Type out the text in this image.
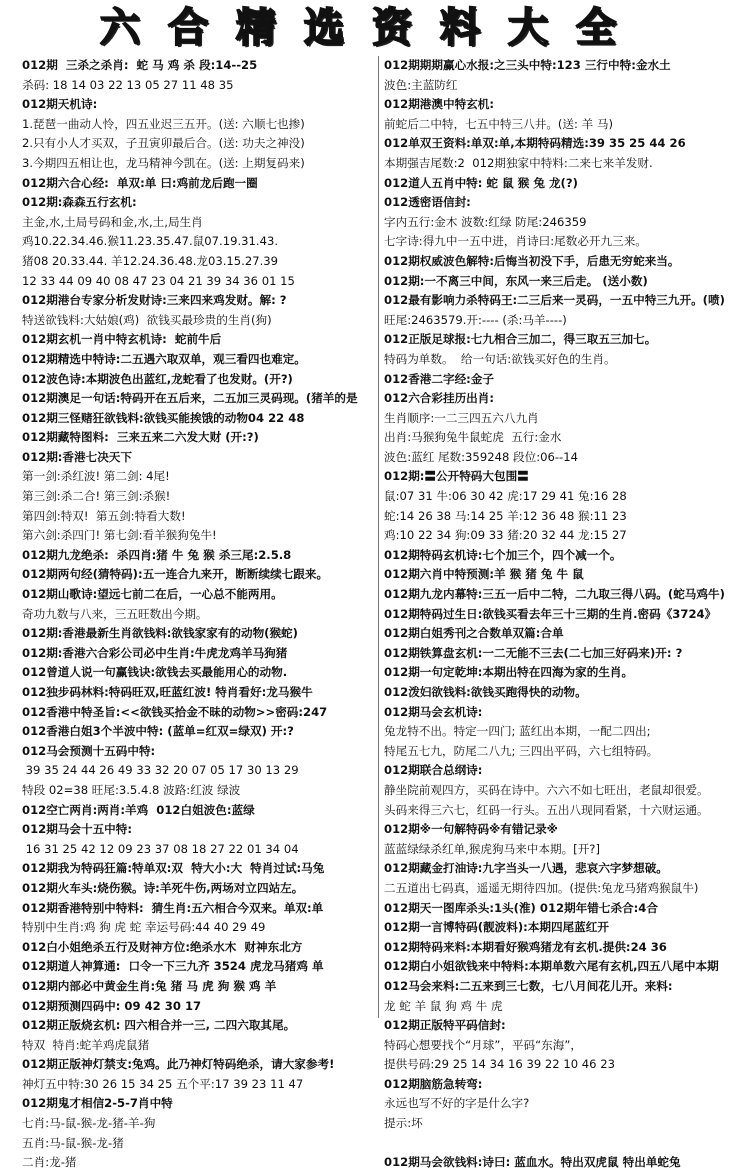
六合精选资料大全
012期  三杀之杀肖:  蛇 马 鸡 杀 段:14--25
杀码: 18 14 03 22 13 05 27 11 48 35
012期天机诗:
1.琵琶一曲动人怜，四五业迟三五开。(送: 六顺七也掺)
2.只有小人才买双，子丑寅卯最后合。(送: 功夫之神没)
3.今期四五相让也，龙马精神今凯在。(送: 上期复码来)
012期六合心经:  单双:单 曰:鸡前龙后跑一圈
012期:森森五行玄机:
主金,水,土局号码和金,水,土,局生肖
鸡10.22.34.46.猴11.23.35.47.鼠07.19.31.43.
猪08 20.33.44. 羊12.24.36.48.龙03.15.27.39
12 33 44 09 40 08 47 23 04 21 39 34 36 01 15
012期港台专家分析发财诗:三来四来鸡发财。解: ?
特送欲钱料:大姑娘(鸡)  欲钱买最珍贵的生肖(狗)
012期玄机一肖中特玄机诗:  蛇前牛后
012期精选中特诗:二五遇六取双单，观三看四也难定。
012波色诗:本期波色出蓝红,龙蛇看了也发财。(开?)
012期澳足一句话:特码开在五后来，二五加三灵码现。(猪羊的是
012期三怪赌狂欲钱料:欲钱买能挨饿的动物04 22 48
012期藏特图料:  三来五来二六发大财 (开:?)
012期:香港七决天下
第一剑:杀红波! 第二剑: 4尾!
第三剑:杀二合! 第三剑:杀猴!
第四剑:特双!  第五剑:特看大数!
第六剑:杀四门! 第七剑:看羊猴狗兔牛!
012期九龙绝杀:  杀四肖:猪 牛 兔 猴 杀三尾:2.5.8
012期两句经(猜特码):五一连合九来开，断断续续七跟来。
012期山歌诗:望远七前二在后，一心总不能两用。
奇功九数与八来，三五旺数出今期。
012期:香港最新生肖欲钱料:欲钱家家有的动物(猴蛇)
012期:香港六合彩公司必中生肖:牛虎龙鸡羊马狗猪
012曾道人说一句赢钱诀:欲钱去买最能用心的动物.
012独步码林料:特码旺双,旺蓝红波! 特肖看好:龙马猴牛
012香港中特圣旨:<<欲钱买拾金不昧的动物>>密码:247
012香港白姐3个半波中特: (蓝单=红双=绿双) 开:?
012马会预测十五码中特:
39 35 24 44 26 49 33 32 20 07 05 17 30 13 29
特段 02=38 旺尾:3.5.4.8 波路:红波 绿波
012空亡两肖:两肖:羊鸡  012白姐波色:蓝绿
012期马会十五中特:
16 31 25 42 12 09 23 37 08 18 27 22 01 34 04
012期我为特码狂篇:特单双:双  特大小:大  特肖过试:马兔
012期火车头:烧伤猴。诗:羊死牛伤,两场对立四站左。
012期香港特别中特料:  猜生肖:五六相合今双来。单双:单
特别中生肖:鸡 狗 虎 蛇 幸运号码:44 40 29 49
012白小姐绝杀五行及财神方位:绝杀水木  财神东北方
012期道人神算通:  口令一下三九齐 3524 虎龙马猪鸡 单
012期内部必中黄金生肖:兔 猪 马 虎 狗 猴 鸡 羊
012期预测四码中: 09 42 30 17
012期正版烧玄机: 四六相合并一三, 二四六取其尾。
特双  特肖:蛇羊鸡虎鼠猪
012期正版神灯禁支:兔鸡。此乃神灯特码绝杀，请大家参考!
神灯五中特:30 26 15 34 25 五个平:17 39 23 11 47
012期鬼才相信2-5-7肖中特
七肖:马-鼠-猴-龙-猪-羊-狗
五肖:马-鼠-猴-龙-猪
二肖:龙-猪
012期期期赢心水报:之三头中特:123 三行中特:金水土
波色:主蓝防红
012期港澳中特玄机:
前蛇后二中特，七五中特三八井。(送: 羊 马)
012单双王资料:单双:单,本期特码精选:39 35 25 44 26
本期强吉尾数:2  012期独家中特料:二来七来羊发财.
012道人五肖中特: 蛇 鼠 猴 兔 龙(?)
012透密语信封:
字内五行:金木 波数:红绿 防尾:246359
七字诗:得九中一五中进，肖诗曰:尾数必开九三来。
012期权威波色解特:后悔当初没下手，后患无穷蛇来当。
012期:一不离三中间，东风一来三后走。 (送小数)
012最有影响力杀特码王:二三后来一灵码，一五中特三九开。(喷)
旺尾:2463579.开:---- (杀:马羊----)
012正版足球报:七九相合三加二，得三取五三加七。
特码为单数。  给一句话:欲钱买好色的生肖。
012香港二字经:金子
012六合彩挂历出肖:
生肖顺序:一二三四五六八九肖
出肖:马猴狗兔牛鼠蛇虎  五行:金水
波色:蓝红 尾数:359248 段位:06--14
012期:〓公开特码大包围〓
鼠:07 31 牛:06 30 42 虎:17 29 41 兔:16 28
蛇:14 26 38 马:14 25 羊:12 36 48 猴:11 23
鸡:10 22 34 狗:09 33 猪:20 32 44 龙:15 27
012期特码玄机诗:七个加三个，四个减一个。
012期六肖中特预测:羊 猴 猪 兔 牛 鼠
012期九龙内幕特:三五一后中二特，二九取三得八码。(蛇马鸡牛)
012期特码过生日:欲钱买看去年三十三期的生肖.密码《3724》
012期白姐秀刊之合数单双篇:合单
012期铁算盘玄机:一二无能不三去(二七加三好码来)开: ?
012期一句定乾坤:本期出特在四海为家的生肖。
012泼妇欲钱料:欲钱买跑得快的动物。
012期马会玄机诗:
兔龙特不出。特定一四门; 蓝红出本期，一配二四出;
特尾五七九，防尾二八九; 三四出平码，六七组特码。
012期联合总纲诗:
静坐院前观四方，买码在诗中。六六不如七旺出，老鼠却很爱。
头码来得三六七，红码一行头。五出八现同看紧，十六财运通。
012期※一句解特码※有错记录※
蓝蓝绿绿杀红单,猴虎狗马来中本期。[开?]
012期藏金打油诗:九字当头一八遇，悲哀六字梦想破。
二五道出七码真，遥遥无期待四加。(提供:兔龙马猪鸡猴鼠牛)
012期天一图库杀头:1头(淮) 012期年错七杀合:4合
012期一言博特码(靓波料):本期四尾蓝红开
012期特码来料:本期看好猴鸡猪龙有玄机.提供:24 36
012期白小姐欲钱来中特料:本期单数六尾有玄机,四五八尾中本期
012马会来料:二五来到三七数，七八月间花儿开。来料:
龙 蛇 羊 鼠 狗 鸡 牛 虎
012期正版特平码信封:
特码心想要找个“月球”，平码“东海”，
提供号码:29 25 14 34 16 39 22 10 46 23
012期脑筋急转弯:
永远也写不好的字是什么字?
提示:坏
012期马会欲钱料:诗曰: 蓝血水。特出双虎鼠 特出单蛇兔
